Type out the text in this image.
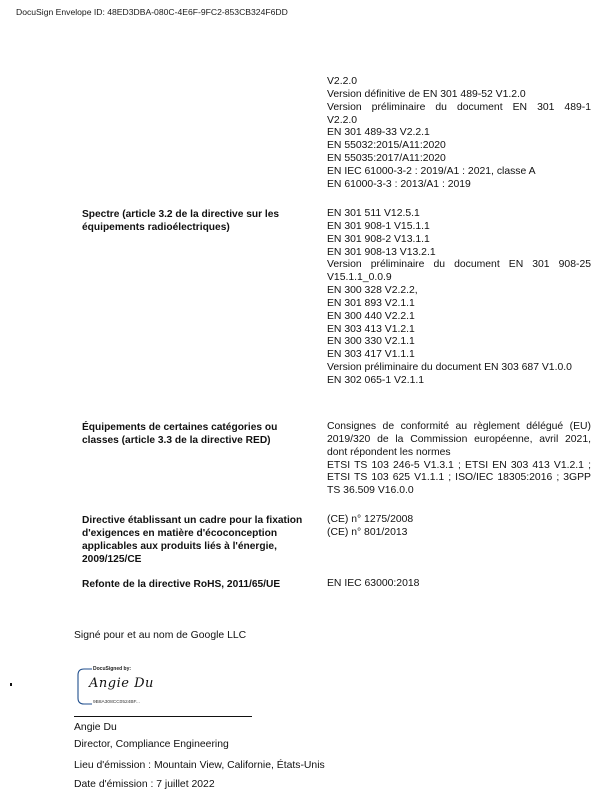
DocuSign Envelope ID: 48ED3DBA-080C-4E6F-9FC2-853CB324F6DD
V2.2.0
Version définitive de EN 301 489-52 V1.2.0
Version préliminaire du document EN 301 489-1
V2.2.0
EN 301 489-33 V2.2.1
EN 55032:2015/A11:2020
EN 55035:2017/A11:2020
EN IEC 61000-3-2 : 2019/A1 : 2021, classe A
EN 61000-3-3 : 2013/A1 : 2019
Spectre (article 3.2 de la directive sur les équipements radioélectriques)
EN 301 511 V12.5.1
EN 301 908-1 V15.1.1
EN 301 908-2 V13.1.1
EN 301 908-13 V13.2.1
Version préliminaire du document EN 301 908-25
V15.1.1_0.0.9
EN 300 328 V2.2.2,
EN 301 893 V2.1.1
EN 300 440 V2.2.1
EN 303 413 V1.2.1
EN 300 330 V2.1.1
EN 303 417 V1.1.1
Version préliminaire du document EN 303 687 V1.0.0
EN 302 065-1 V2.1.1
Équipements de certaines catégories ou classes (article 3.3 de la directive RED)
Consignes de conformité au règlement délégué (EU)
2019/320 de la Commission européenne, avril 2021,
dont répondent les normes
ETSI TS 103 246-5 V1.3.1 ; ETSI EN 303 413 V1.2.1 ;
ETSI TS 103 625 V1.1.1 ; ISO/IEC 18305:2016 ; 3GPP
TS 36.509 V16.0.0
Directive établissant un cadre pour la fixation d'exigences en matière d'écoconception applicables aux produits liés à l'énergie, 2009/125/CE
(CE) n° 1275/2008
(CE) n° 801/2013
Refonte de la directive RoHS, 2011/65/UE	EN IEC 63000:2018
Signé pour et au nom de Google LLC
DocuSigned by:
Angie Du
9B8A308CC0524BF...
Angie Du
Director, Compliance Engineering
Lieu d'émission : Mountain View, Californie, États-Unis
Date d'émission : 7 juillet 2022
